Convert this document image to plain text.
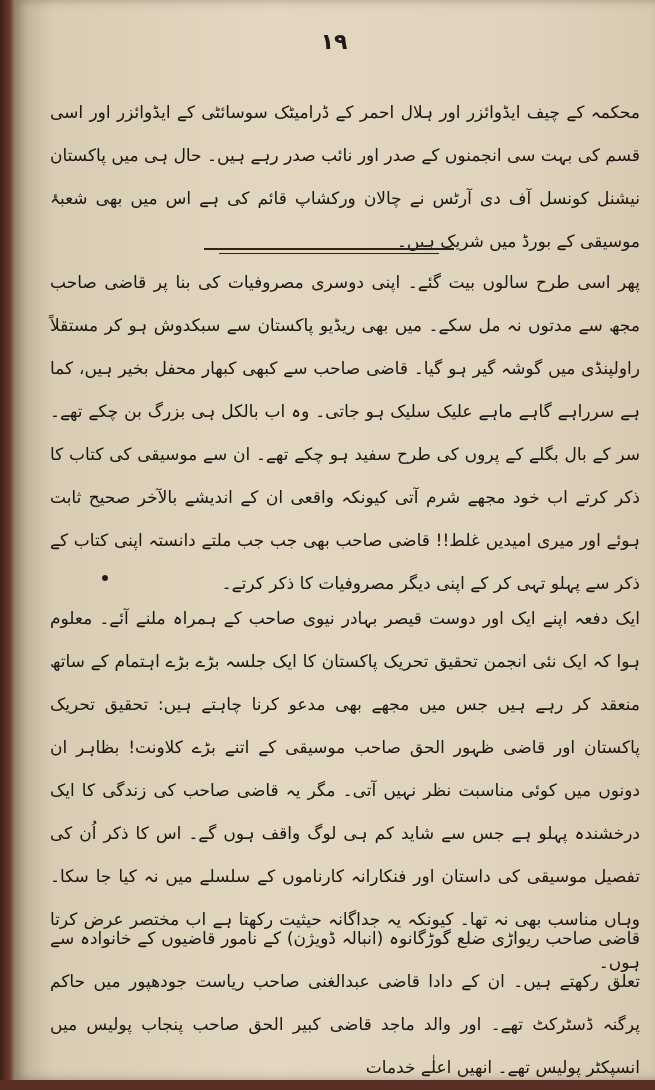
۱۹
محکمہ کے چیف ایڈوائزر اور ہلال احمر کے ڈرامیٹک سوسائٹی کے ایڈوائزر اور اسی قسم کی بہت سی انجمنوں کے صدر اور نائب صدر رہے ہیں۔ حال ہی میں پاکستان نیشنل کونسل آف دی آرٹس نے چالان ورکشاپ قائم کی ہے اس میں بھی شعبۂ موسیقی کے بورڈ میں شریک ہیں۔
پھر اسی طرح سالوں بیت گئے۔ اپنی دوسری مصروفیات کی بنا پر قاضی صاحب مجھ سے مدتوں نہ مل سکے۔ میں بھی ریڈیو پاکستان سے سبکدوش ہو کر مستقلاً راولپنڈی میں گوشہ گیر ہو گیا۔ قاضی صاحب سے کبھی کبھار محفل بخیر ہیں، کما ہے سرراہے گاہے ماہے علیک سلیک ہو جاتی۔ وہ اب بالکل ہی بزرگ بن چکے تھے۔ سر کے بال بگلے کے پروں کی طرح سفید ہو چکے تھے۔ ان سے موسیقی کی کتاب کا ذکر کرتے اب خود مجھے شرم آتی کیونکہ واقعی ان کے اندیشے بالآخر صحیح ثابت ہوئے اور میری امیدیں غلط!! قاضی صاحب بھی جب جب ملتے دانستہ اپنی کتاب کے ذکر سے پہلو تہی کر کے اپنی دیگر مصروفیات کا ذکر کرتے۔
ایک دفعہ اپنے ایک اور دوست قیصر بہادر نیوی صاحب کے ہمراہ ملنے آئے۔ معلوم ہوا کہ ایک نئی انجمن تحقیق تحریک پاکستان کا ایک جلسہ بڑے بڑے اہتمام کے ساتھ منعقد کر رہے ہیں جس میں مجھے بھی مدعو کرنا چاہتے ہیں: تحقیق تحریک پاکستان اور قاضی ظہور الحق صاحب موسیقی کے اتنے بڑے کلاونت! بظاہر ان دونوں میں کوئی مناسبت نظر نہیں آتی۔ مگر یہ قاضی صاحب کی زندگی کا ایک درخشندہ پہلو ہے جس سے شاید کم ہی لوگ واقف ہوں گے۔ اس کا ذکر اُن کی تفصیل موسیقی کی داستان اور فنکارانہ کارناموں کے سلسلے میں نہ کیا جا سکا۔ وہاں مناسب بھی نہ تھا۔ کیونکہ یہ جداگانہ حیثیت رکھتا ہے اب مختصر عرض کرتا ہوں۔
قاضی صاحب ریواڑی ضلع گوڑگانوہ (انبالہ ڈویژن) کے نامور قاضیوں کے خانوادہ سے تعلق رکھتے ہیں۔ ان کے دادا قاضی عبدالغنی صاحب ریاست جودھپور میں حاکم پرگنہ ڈسٹرکٹ تھے۔ اور والد ماجد قاضی کبیر الحق صاحب پنجاب پولیس میں انسپکٹر پولیس تھے۔ انھیں اعلٰے خدمات
